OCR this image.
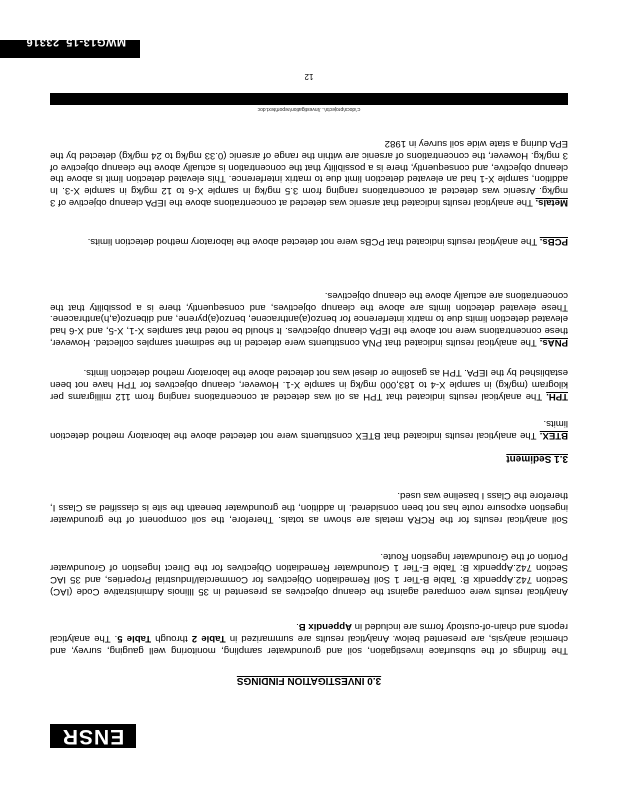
ENSR
3.0 INVESTIGATION FINDINGS
The findings of the subsurface investigation, soil and groundwater sampling, monitoring well gauging, survey, and chemical analysis, are presented below. Analytical results are summarized in Table 2 through Table 5. The analytical reports and chain-of-custody forms are included in Appendix B.
Analytical results were compared against the cleanup objectives as presented in 35 Illinois Administrative Code (IAC) Section 742.Appendix B: Table B-Tier 1 Soil Remediation Objectives for Commercial/Industrial Properties, and 35 IAC Section 742.Appendix B: Table E-Tier 1 Groundwater Remediation Objectives for the Direct Ingestion of Groundwater Portion of the Groundwater Ingestion Route.
Soil analytical results for the RCRA metals are shown as totals. Therefore, the soil component of the groundwater ingestion exposure route has not been considered. In addition, the groundwater beneath the site is classified as Class I, therefore the Class I baseline was used.
3.1 Sediment
BTEX. The analytical results indicated that BTEX constituents were not detected above the laboratory method detection limits.
TPH. The analytical results indicated that TPH as oil was detected at concentrations ranging from 112 milligrams per kilogram (mg/kg) in sample X-4 to 183,000 mg/kg in sample X-1. However, cleanup objectives for TPH have not been established by the IEPA. TPH as gasoline or diesel was not detected above the laboratory method detection limits.
PNAs. The analytical results indicated that PNA constituents were detected in the sediment samples collected. However, these concentrations were not above the IEPA cleanup objectives. It should be noted that samples X-1, X-5, and X-6 had elevated detection limits due to matrix interference for benzo(a)anthracene, benzo(a)pyrene, and dibenzo(a,h)anthracene. These elevated detection limits are above the cleanup objectives, and consequently, there is a possibility that the concentrations are actually above the cleanup objectives.
PCBs. The analytical results indicated that PCBs were not detected above the laboratory method detection limits.
Metals. The analytical results indicated that arsenic was detected at concentrations above the IEPA cleanup objective of 3 mg/kg. Arsenic was detected at concentrations ranging from 3.5 mg/kg in sample X-6 to 12 mg/kg in sample X-3. In addition, sample X-1 had an elevated detection limit due to matrix interference. This elevated detection limit is above the cleanup objective, and consequently, there is a possibility that the concentration is actually above the cleanup objective of 3 mg/kg. However, the concentrations of arsenic are within the range of arsenic (0.33 mg/kg to 24 mg/kg) detected by the EPA during a state wide soil survey in 1982
c:\docs\projects\...\investigation\report\text.doc
12
MWG13-15_23316
